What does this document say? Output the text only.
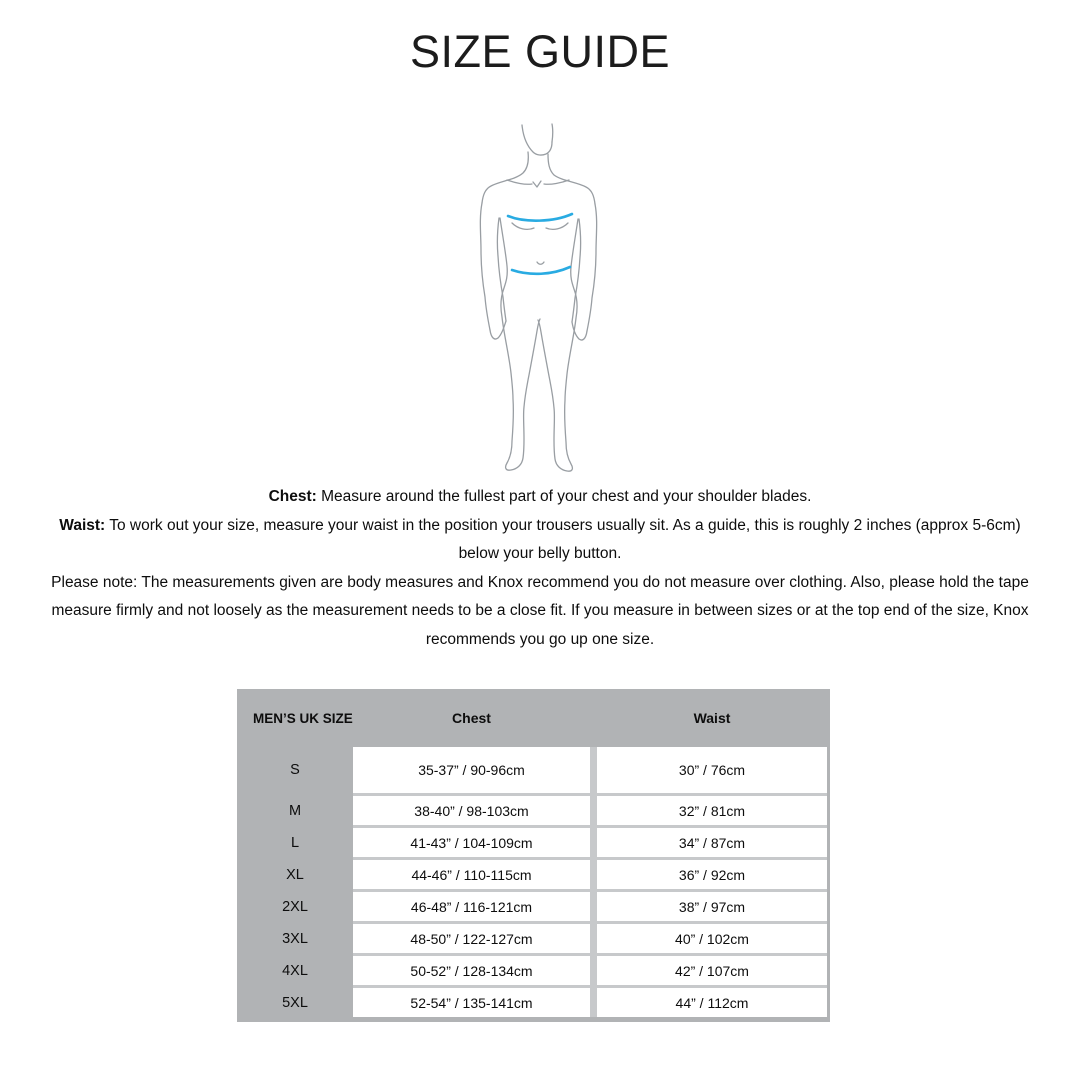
SIZE GUIDE
Chest: Measure around the fullest part of your chest and your shoulder blades.
Waist: To work out your size, measure your waist in the position your trousers usually sit. As a guide, this is roughly 2 inches (approx 5-6cm)
below your belly button.
Please note: The measurements given are body measures and Knox recommend you do not measure over clothing. Also, please hold the tape
measure firmly and not loosely as the measurement needs to be a close fit. If you measure in between sizes or at the top end of the size, Knox
recommends you go up one size.
MEN’S UK SIZE	Chest	Waist
S	35-37” / 90-96cm	30” / 76cm
M	38-40” / 98-103cm	32” / 81cm
L	41-43” / 104-109cm	34” / 87cm
XL	44-46” / 110-115cm	36” / 92cm
2XL	46-48” / 116-121cm	38” / 97cm
3XL	48-50” / 122-127cm	40” / 102cm
4XL	50-52” / 128-134cm	42” / 107cm
5XL	52-54” / 135-141cm	44” / 112cm
